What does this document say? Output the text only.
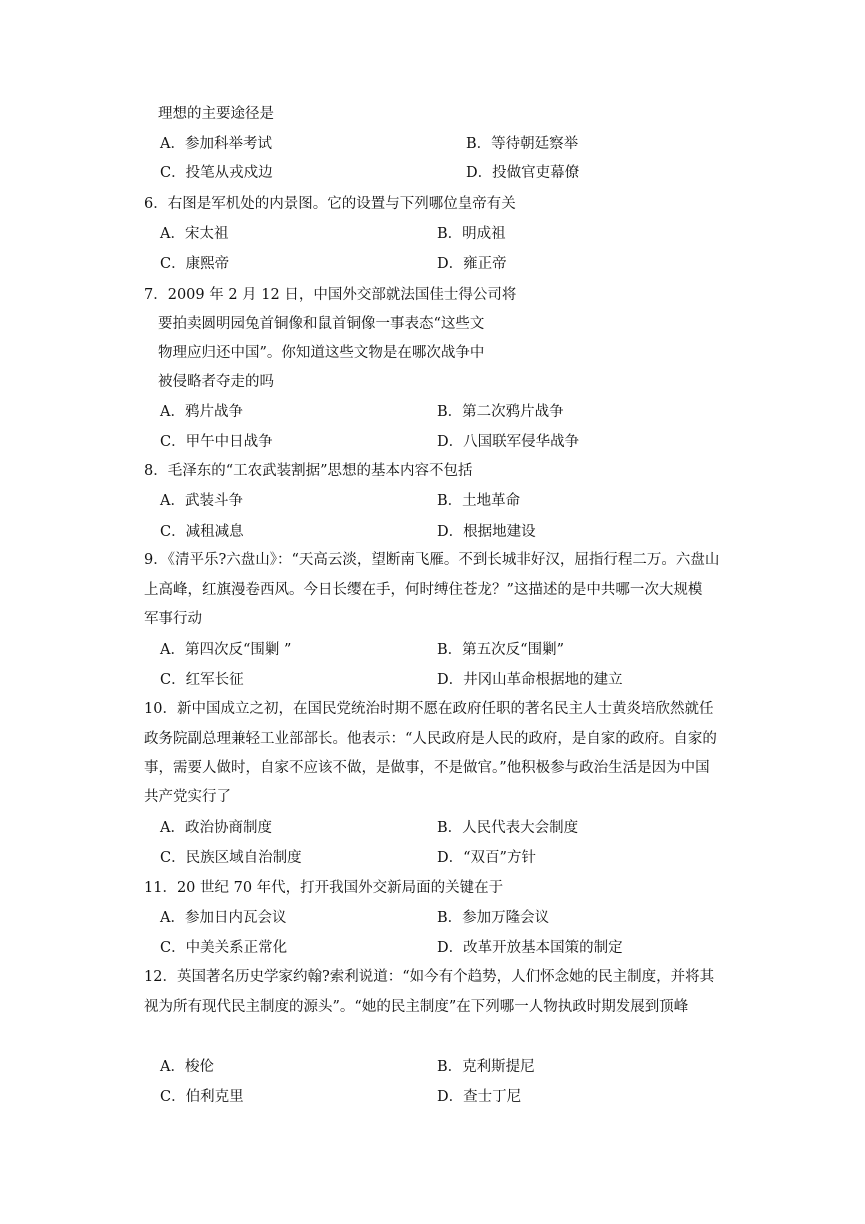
理想的主要途径是
A．参加科举考试	B．等待朝廷察举
C．投笔从戎戍边	D．投做官吏幕僚
6．右图是军机处的内景图。它的设置与下列哪位皇帝有关
A．宋太祖	B．明成祖
C．康熙帝	D．雍正帝
7．2009 年 2 月 12 日，中国外交部就法国佳士得公司将
要拍卖圆明园兔首铜像和鼠首铜像一事表态“这些文
物理应归还中国”。你知道这些文物是在哪次战争中
被侵略者夺走的吗
A．鸦片战争	B．第二次鸦片战争
C．甲午中日战争	D．八国联军侵华战争
8．毛泽东的“工农武装割据”思想的基本内容不包括
A．武装斗争	B．土地革命
C．减租减息	D．根据地建设
9．《清平乐?六盘山》：“天高云淡，望断南飞雁。不到长城非好汉，屈指行程二万。六盘山
上高峰，红旗漫卷西风。今日长缨在手，何时缚住苍龙？”这描述的是中共哪一次大规模
军事行动
A．第四次反“围剿 ”	B．第五次反“围剿”
C．红军长征	D．井冈山革命根据地的建立
10．新中国成立之初，在国民党统治时期不愿在政府任职的著名民主人士黄炎培欣然就任
政务院副总理兼轻工业部部长。他表示：“人民政府是人民的政府，是自家的政府。自家的
事，需要人做时，自家不应该不做，是做事，不是做官。”他积极参与政治生活是因为中国
共产党实行了
A．政治协商制度	B．人民代表大会制度
C．民族区域自治制度	D．“双百”方针
11．20 世纪 70 年代，打开我国外交新局面的关键在于
A．参加日内瓦会议	B．参加万隆会议
C．中美关系正常化	D．改革开放基本国策的制定
12．英国著名历史学家约翰?索利说道：“如今有个趋势，人们怀念她的民主制度，并将其
视为所有现代民主制度的源头”。“她的民主制度”在下列哪一人物执政时期发展到顶峰
A．梭伦	B．克利斯提尼
C．伯利克里	D．查士丁尼
